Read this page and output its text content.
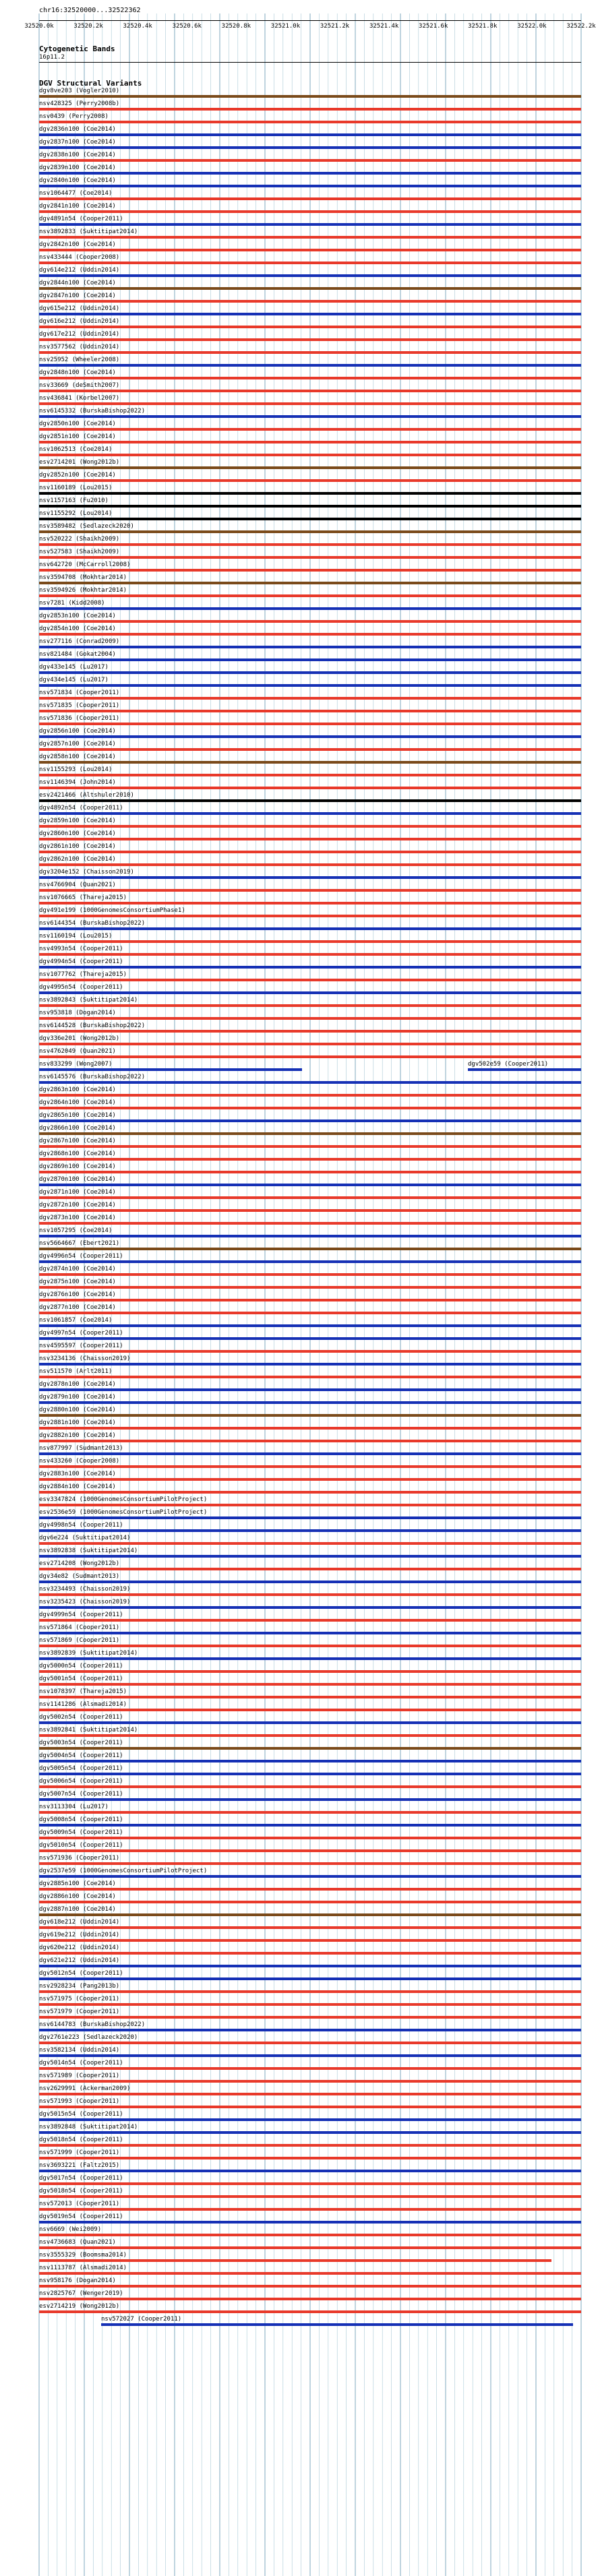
chr16:32520000...32522362
32520.0k	32520.2k	32520.4k	32520.6k	32520.8k	32521.0k	32521.2k	32521.4k	32521.6k	32521.8k	32522.0k	32522.2k
Cytogenetic Bands
16p11.2
DGV Structural Variants
dgv8ve203 (Vogler2010)
nsv428325 (Perry2008b)
nsv0439 (Perry2008)
dgv2836n100 (Coe2014)
dgv2837n100 (Coe2014)
dgv2838n100 (Coe2014)
dgv2839n100 (Coe2014)
dgv2840n100 (Coe2014)
nsv1064477 (Coe2014)
dgv2841n100 (Coe2014)
dgv4891n54 (Cooper2011)
nsv3892833 (Suktitipat2014)
dgv2842n100 (Coe2014)
nsv433444 (Cooper2008)
dgv614e212 (Uddin2014)
dgv2844n100 (Coe2014)
dgv2847n100 (Coe2014)
dgv615e212 (Uddin2014)
dgv616e212 (Uddin2014)
dgv617e212 (Uddin2014)
nsv3577562 (Uddin2014)
nsv25952 (Wheeler2008)
dgv2848n100 (Coe2014)
nsv33669 (deSmith2007)
nsv436841 (Korbel2007)
nsv6145332 (BurskaBishop2022)
dgv2850n100 (Coe2014)
dgv2851n100 (Coe2014)
nsv1062513 (Coe2014)
esv2714201 (Wong2012b)
dgv2852n100 (Coe2014)
nsv1160189 (Lou2015)
nsv1157163 (Fu2010)
nsv1155292 (Lou2014)
nsv3589482 (Sedlazeck2020)
nsv520222 (Shaikh2009)
nsv527583 (Shaikh2009)
nsv642720 (McCarroll2008)
nsv3594708 (Mokhtar2014)
nsv3594926 (Mokhtar2014)
nsv7281 (Kidd2008)
dgv2853n100 (Coe2014)
dgv2854n100 (Coe2014)
nsv277116 (Conrad2009)
nsv821484 (Gokat2004)
dgv433e145 (Lu2017)
dgv434e145 (Lu2017)
nsv571834 (Cooper2011)
nsv571835 (Cooper2011)
nsv571836 (Cooper2011)
dgv2856n100 (Coe2014)
dgv2857n100 (Coe2014)
dgv2858n100 (Coe2014)
nsv1155293 (Lou2014)
nsv1146394 (John2014)
esv2421466 (Altshuler2010)
dgv4892n54 (Cooper2011)
dgv2859n100 (Coe2014)
dgv2860n100 (Coe2014)
dgv2861n100 (Coe2014)
dgv2862n100 (Coe2014)
dgv3204e152 (Chaisson2019)
nsv4766904 (Quan2021)
nsv1076665 (Thareja2015)
dgv491e199 (1000GenomesConsortiumPhase1)
nsv6144354 (BurskaBishop2022)
nsv1160194 (Lou2015)
nsv4993n54 (Cooper2011)
dgv4994n54 (Cooper2011)
nsv1077762 (Thareja2015)
dgv4995n54 (Cooper2011)
nsv3892843 (Suktitipat2014)
nsv953818 (Dogan2014)
nsv6144528 (BurskaBishop2022)
dgv336e201 (Wong2012b)
nsv4762049 (Quan2021)
nsv833299 (Wong2007)	dgv502e59 (Cooper2011)
nsv6145576 (BurskaBishop2022)
dgv2863n100 (Coe2014)
dgv2864n100 (Coe2014)
dgv2865n100 (Coe2014)
dgv2866n100 (Coe2014)
dgv2867n100 (Coe2014)
dgv2868n100 (Coe2014)
dgv2869n100 (Coe2014)
dgv2870n100 (Coe2014)
dgv2871n100 (Coe2014)
dgv2872n100 (Coe2014)
dgv2873n100 (Coe2014)
nsv1057295 (Coe2014)
nsv5664667 (Ebert2021)
dgv4996n54 (Cooper2011)
dgv2874n100 (Coe2014)
dgv2875n100 (Coe2014)
dgv2876n100 (Coe2014)
dgv2877n100 (Coe2014)
nsv1061857 (Coe2014)
dgv4997n54 (Cooper2011)
nsv4595597 (Cooper2011)
nsv3234136 (Chaisson2019)
nsv511570 (Arlt2011)
dgv2878n100 (Coe2014)
dgv2879n100 (Coe2014)
dgv2880n100 (Coe2014)
dgv2881n100 (Coe2014)
dgv2882n100 (Coe2014)
nsv877997 (Sudmant2013)
nsv433260 (Cooper2008)
dgv2883n100 (Coe2014)
dgv2884n100 (Coe2014)
esv3347824 (1000GenomesConsortiumPilotProject)
esv2536e59 (1000GenomesConsortiumPilotProject)
dgv4998n54 (Cooper2011)
dgv6e224 (Suktitipat2014)
nsv3892838 (Suktitipat2014)
esv2714208 (Wong2012b)
dgv34e82 (Sudmant2013)
nsv3234493 (Chaisson2019)
nsv3235423 (Chaisson2019)
dgv4999n54 (Cooper2011)
nsv571864 (Cooper2011)
nsv571869 (Cooper2011)
nsv3892839 (Suktitipat2014)
dgv5000n54 (Cooper2011)
dgv5001n54 (Cooper2011)
nsv1078397 (Thareja2015)
nsv1141286 (Alsmadi2014)
dgv5002n54 (Cooper2011)
nsv3892841 (Suktitipat2014)
dgv5003n54 (Cooper2011)
dgv5004n54 (Cooper2011)
dgv5005n54 (Cooper2011)
dgv5006n54 (Cooper2011)
dgv5007n54 (Cooper2011)
nsv3113304 (Lu2017)
dgv5008n54 (Cooper2011)
dgv5009n54 (Cooper2011)
dgv5010n54 (Cooper2011)
nsv571936 (Cooper2011)
dgv2537e59 (1000GenomesConsortiumPilotProject)
dgv2885n100 (Coe2014)
dgv2886n100 (Coe2014)
dgv2887n100 (Coe2014)
dgv618e212 (Uddin2014)
dgv619e212 (Uddin2014)
dgv620e212 (Uddin2014)
dgv621e212 (Uddin2014)
dgv5012n54 (Cooper2011)
nsv2928234 (Pang2013b)
nsv571975 (Cooper2011)
nsv571979 (Cooper2011)
nsv6144783 (BurskaBishop2022)
dgv2761e223 (Sedlazeck2020)
nsv3582134 (Uddin2014)
dgv5014n54 (Cooper2011)
nsv571989 (Cooper2011)
nsv2629991 (Ackerman2009)
nsv571993 (Cooper2011)
dgv5015n54 (Cooper2011)
nsv3892848 (Suktitipat2014)
dgv5018n54 (Cooper2011)
nsv571999 (Cooper2011)
nsv3693221 (Faltz2015)
dgv5017n54 (Cooper2011)
dgv5018n54 (Cooper2011)
nsv572013 (Cooper2011)
dgv5019n54 (Cooper2011)
nsv6669 (Wei2009)
nsv4736683 (Quan2021)
nsv3555329 (Boomsma2014)
nsv1113787 (Alsmadi2014)
nsv958176 (Dogan2014)
nsv2825767 (Wenger2019)
esv2714219 (Wong2012b)
nsv572027 (Cooper2011)
